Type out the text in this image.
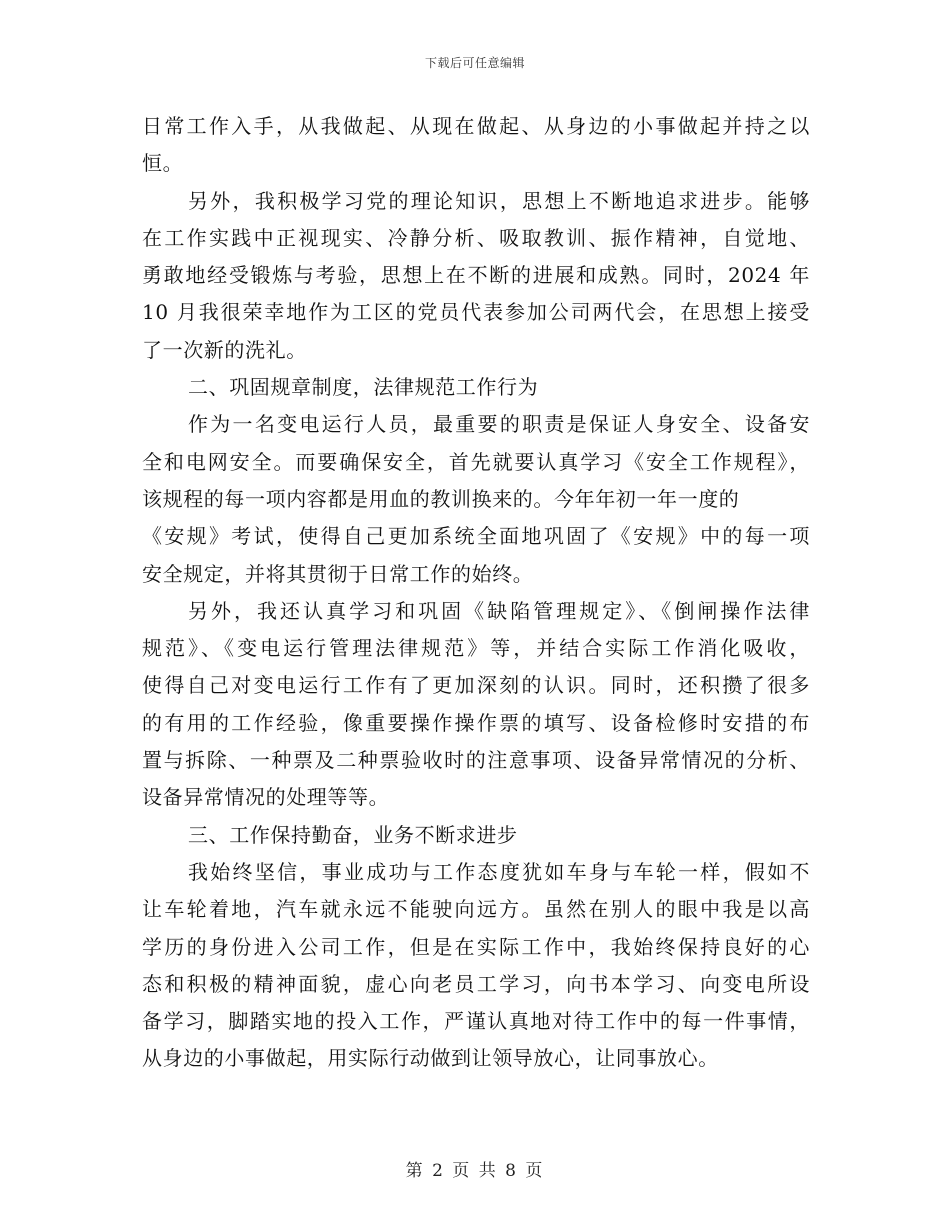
下载后可任意编辑
日常工作入手，从我做起、从现在做起、从身边的小事做起并持之以
恒。
另外，我积极学习党的理论知识，思想上不断地追求进步。能够
在工作实践中正视现实、冷静分析、吸取教训、振作精神，自觉地、
勇敢地经受锻炼与考验，思想上在不断的进展和成熟。同时，2024 年
10 月我很荣幸地作为工区的党员代表参加公司两代会，在思想上接受
了一次新的洗礼。
二、巩固规章制度，法律规范工作行为
作为一名变电运行人员，最重要的职责是保证人身安全、设备安
全和电网安全。而要确保安全，首先就要认真学习《安全工作规程》，
该规程的每一项内容都是用血的教训换来的。今年年初一年一度的
《安规》考试，使得自己更加系统全面地巩固了《安规》中的每一项
安全规定，并将其贯彻于日常工作的始终。
另外，我还认真学习和巩固《缺陷管理规定》、《倒闸操作法律
规范》、《变电运行管理法律规范》等，并结合实际工作消化吸收，
使得自己对变电运行工作有了更加深刻的认识。同时，还积攒了很多
的有用的工作经验，像重要操作操作票的填写、设备检修时安措的布
置与拆除、一种票及二种票验收时的注意事项、设备异常情况的分析、
设备异常情况的处理等等。
三、工作保持勤奋，业务不断求进步
我始终坚信，事业成功与工作态度犹如车身与车轮一样，假如不
让车轮着地，汽车就永远不能驶向远方。虽然在别人的眼中我是以高
学历的身份进入公司工作，但是在实际工作中，我始终保持良好的心
态和积极的精神面貌，虚心向老员工学习，向书本学习、向变电所设
备学习，脚踏实地的投入工作，严谨认真地对待工作中的每一件事情，
从身边的小事做起，用实际行动做到让领导放心，让同事放心。
第 2 页 共 8 页
